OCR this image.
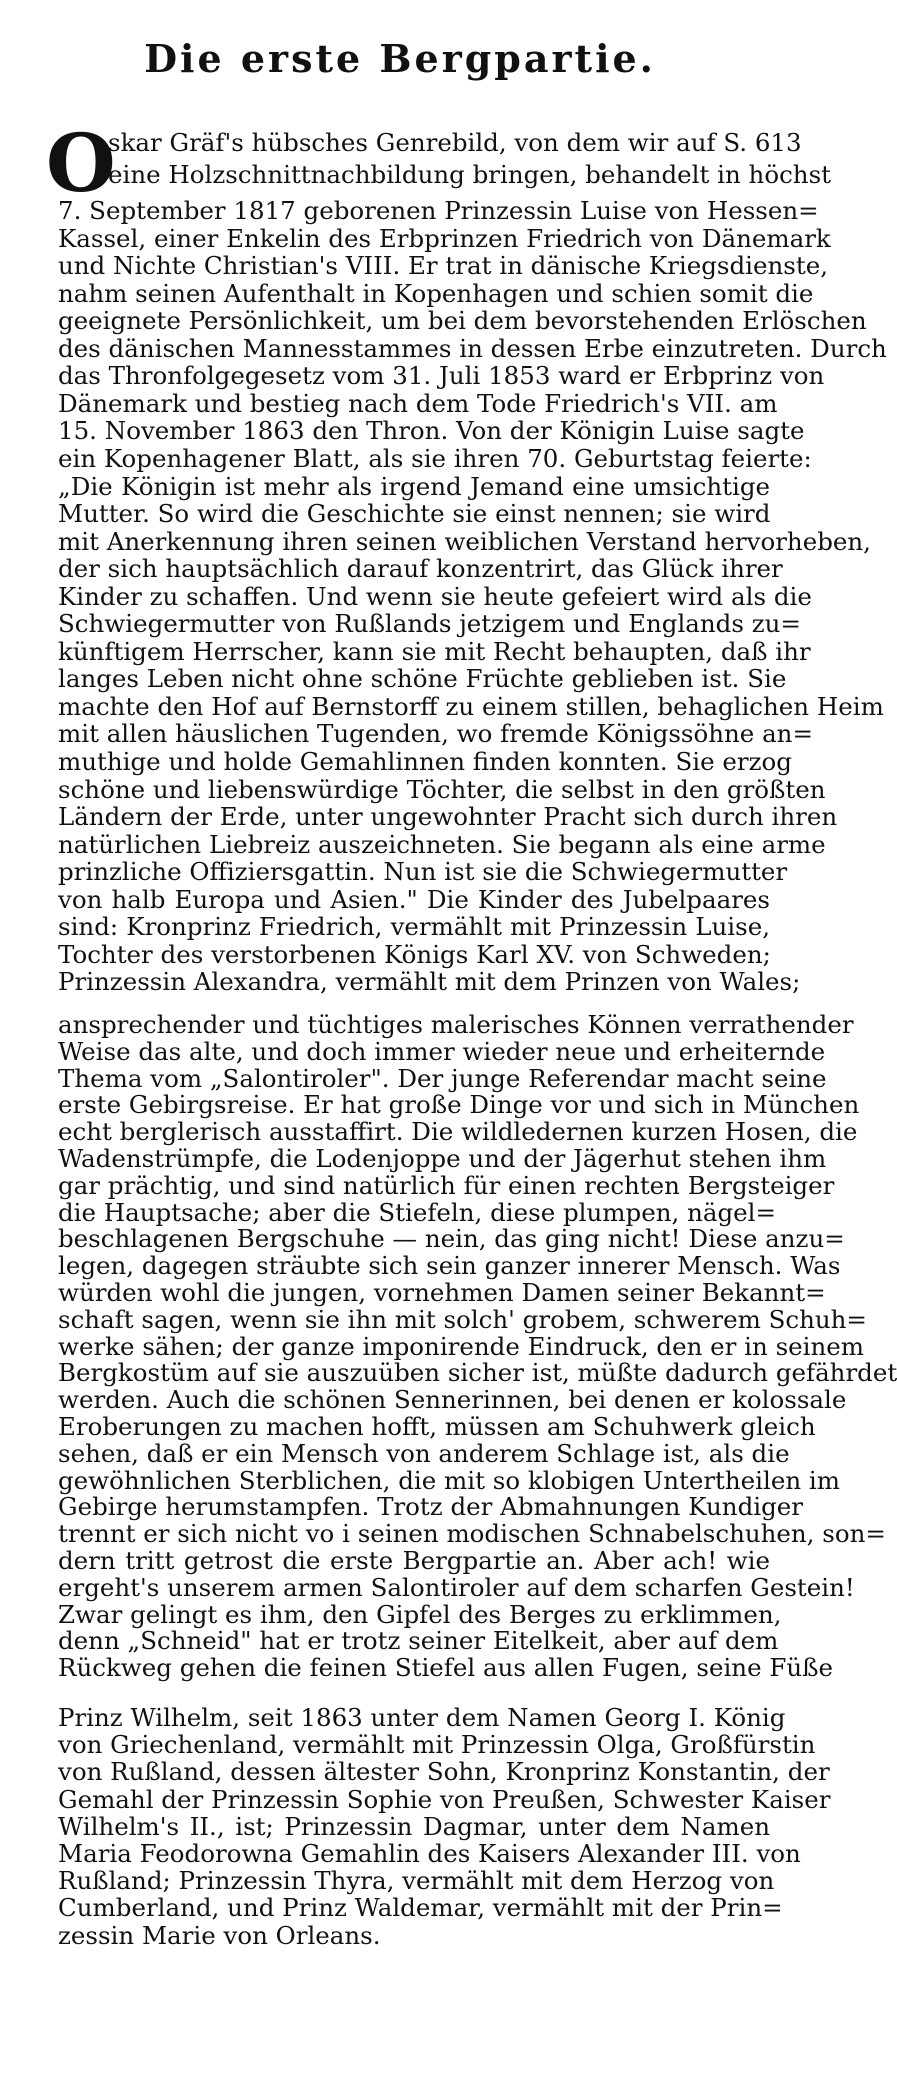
Die erste Bergpartie.
O
skar Gräf's hübsches Genrebild, von dem wir auf S. 613
eine Holzschnittnachbildung bringen, behandelt in höchst
7. September 1817 geborenen Prinzessin Luise von Hessen=
Kassel, einer Enkelin des Erbprinzen Friedrich von Dänemark
und Nichte Christian's VIII. Er trat in dänische Kriegsdienste,
nahm seinen Aufenthalt in Kopenhagen und schien somit die
geeignete Persönlichkeit, um bei dem bevorstehenden Erlöschen
des dänischen Mannesstammes in dessen Erbe einzutreten. Durch
das Thronfolgegesetz vom 31. Juli 1853 ward er Erbprinz von
Dänemark und bestieg nach dem Tode Friedrich's VII. am
15. November 1863 den Thron. Von der Königin Luise sagte
ein Kopenhagener Blatt, als sie ihren 70. Geburtstag feierte:
„Die Königin ist mehr als irgend Jemand eine umsichtige
Mutter. So wird die Geschichte sie einst nennen; sie wird
mit Anerkennung ihren seinen weiblichen Verstand hervorheben,
der sich hauptsächlich darauf konzentrirt, das Glück ihrer
Kinder zu schaffen. Und wenn sie heute gefeiert wird als die
Schwiegermutter von Rußlands jetzigem und Englands zu=
künftigem Herrscher, kann sie mit Recht behaupten, daß ihr
langes Leben nicht ohne schöne Früchte geblieben ist. Sie
machte den Hof auf Bernstorff zu einem stillen, behaglichen Heim
mit allen häuslichen Tugenden, wo fremde Königssöhne an=
muthige und holde Gemahlinnen finden konnten. Sie erzog
schöne und liebenswürdige Töchter, die selbst in den größten
Ländern der Erde, unter ungewohnter Pracht sich durch ihren
natürlichen Liebreiz auszeichneten. Sie begann als eine arme
prinzliche Offiziersgattin. Nun ist sie die Schwiegermutter
von halb Europa und Asien." Die Kinder des Jubelpaares
sind: Kronprinz Friedrich, vermählt mit Prinzessin Luise,
Tochter des verstorbenen Königs Karl XV. von Schweden;
Prinzessin Alexandra, vermählt mit dem Prinzen von Wales;
ansprechender und tüchtiges malerisches Können verrathender
Weise das alte, und doch immer wieder neue und erheiternde
Thema vom „Salontiroler". Der junge Referendar macht seine
erste Gebirgsreise. Er hat große Dinge vor und sich in München
echt berglerisch ausstaffirt. Die wildledernen kurzen Hosen, die
Wadenstrümpfe, die Lodenjoppe und der Jägerhut stehen ihm
gar prächtig, und sind natürlich für einen rechten Bergsteiger
die Hauptsache; aber die Stiefeln, diese plumpen, nägel=
beschlagenen Bergschuhe — nein, das ging nicht! Diese anzu=
legen, dagegen sträubte sich sein ganzer innerer Mensch. Was
würden wohl die jungen, vornehmen Damen seiner Bekannt=
schaft sagen, wenn sie ihn mit solch' grobem, schwerem Schuh=
werke sähen; der ganze imponirende Eindruck, den er in seinem
Bergkostüm auf sie auszuüben sicher ist, müßte dadurch gefährdet
werden. Auch die schönen Sennerinnen, bei denen er kolossale
Eroberungen zu machen hofft, müssen am Schuhwerk gleich
sehen, daß er ein Mensch von anderem Schlage ist, als die
gewöhnlichen Sterblichen, die mit so klobigen Untertheilen im
Gebirge herumstampfen. Trotz der Abmahnungen Kundiger
trennt er sich nicht vo i seinen modischen Schnabelschuhen, son=
dern tritt getrost die erste Bergpartie an. Aber ach! wie
ergeht's unserem armen Salontiroler auf dem scharfen Gestein!
Zwar gelingt es ihm, den Gipfel des Berges zu erklimmen,
denn „Schneid" hat er trotz seiner Eitelkeit, aber auf dem
Rückweg gehen die feinen Stiefel aus allen Fugen, seine Füße
Prinz Wilhelm, seit 1863 unter dem Namen Georg I. König
von Griechenland, vermählt mit Prinzessin Olga, Großfürstin
von Rußland, dessen ältester Sohn, Kronprinz Konstantin, der
Gemahl der Prinzessin Sophie von Preußen, Schwester Kaiser
Wilhelm's II., ist; Prinzessin Dagmar, unter dem Namen
Maria Feodorowna Gemahlin des Kaisers Alexander III. von
Rußland; Prinzessin Thyra, vermählt mit dem Herzog von
Cumberland, und Prinz Waldemar, vermählt mit der Prin=
zessin Marie von Orleans.
